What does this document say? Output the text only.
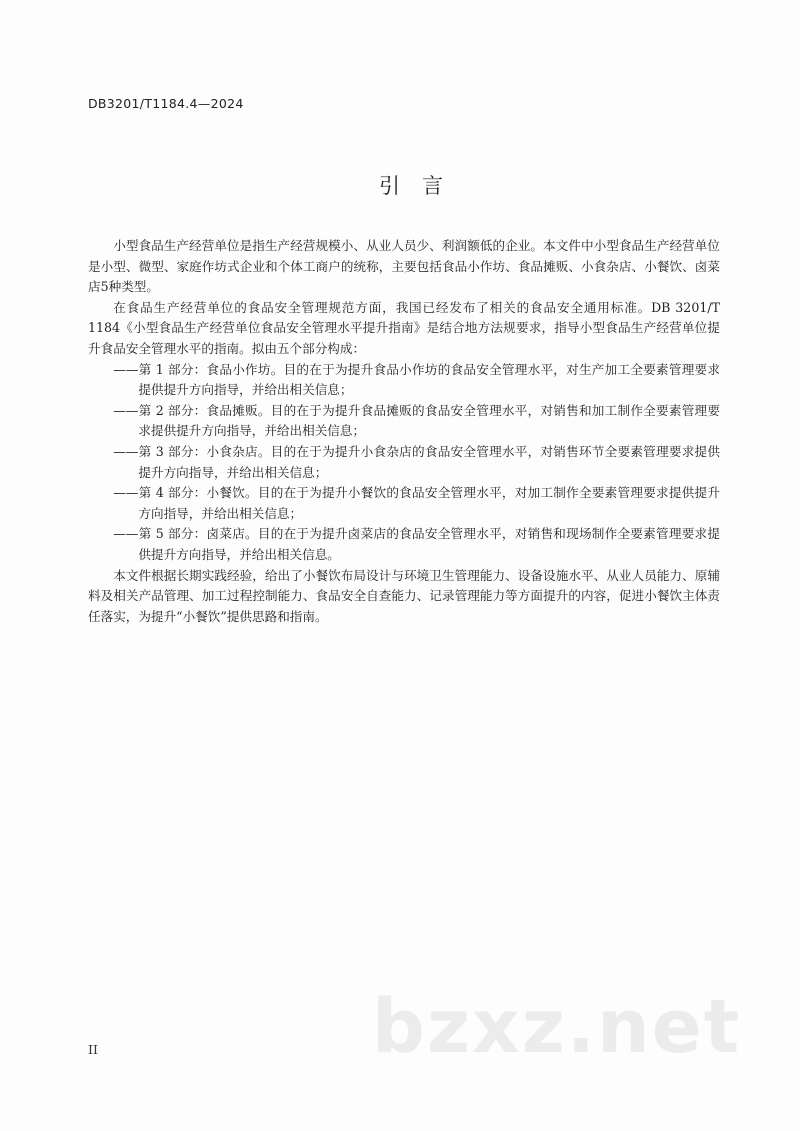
DB3201/T1184.4—2024
引言

小型食品生产经营单位是指生产经营规模小、从业人员少、利润额低的企业。本文件中小型食品生产经营单位是小型、微型、家庭作坊式企业和个体工商户的统称，主要包括食品小作坊、食品摊贩、小食杂店、小餐饮、卤菜店5种类型。

在食品生产经营单位的食品安全管理规范方面，我国已经发布了相关的食品安全通用标准。DB 3201/T 1184《小型食品生产经营单位食品安全管理水平提升指南》是结合地方法规要求，指导小型食品生产经营单位提升食品安全管理水平的指南。拟由五个部分构成：

——第 1 部分：食品小作坊。目的在于为提升食品小作坊的食品安全管理水平，对生产加工全要素管理要求提供提升方向指导，并给出相关信息；

——第 2 部分：食品摊贩。目的在于为提升食品摊贩的食品安全管理水平，对销售和加工制作全要素管理要求提供提升方向指导，并给出相关信息；

——第 3 部分：小食杂店。目的在于为提升小食杂店的食品安全管理水平，对销售环节全要素管理要求提供提升方向指导，并给出相关信息；

——第 4 部分：小餐饮。目的在于为提升小餐饮的食品安全管理水平，对加工制作全要素管理要求提供提升方向指导，并给出相关信息；

——第 5 部分：卤菜店。目的在于为提升卤菜店的食品安全管理水平，对销售和现场制作全要素管理要求提供提升方向指导，并给出相关信息。

本文件根据长期实践经验，给出了小餐饮布局设计与环境卫生管理能力、设备设施水平、从业人员能力、原辅料及相关产品管理、加工过程控制能力、食品安全自查能力、记录管理能力等方面提升的内容，促进小餐饮主体责任落实，为提升“小餐饮”提供思路和指南。

II	bzxz.net
